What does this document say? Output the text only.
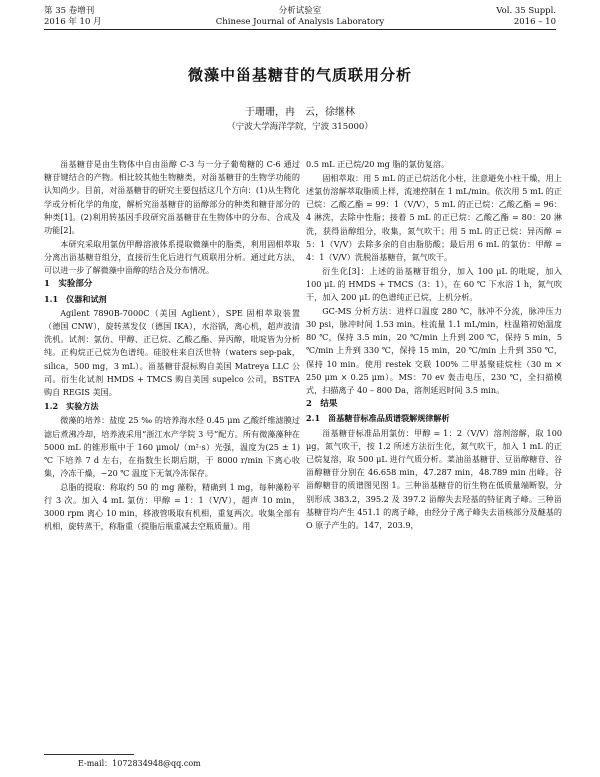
第 35 卷增刊
2016 年 10 月
分析试验室
Chinese Journal of Analysis Laboratory
Vol. 35 Suppl.
2016 – 10
微藻中甾基糖苷的气质联用分析
于珊珊，冉　云，徐继林
（宁波大学海洋学院，宁波 315000）

甾基糖苷是由生物体中自由甾醇 C-3 与一分子葡萄糖的 C-6 通过糖苷键结合的产物。相比较其他生物糖类，对甾基糖苷的生物学功能的认知尚少。目前，对甾基糖苷的研究主要包括这几个方向：(1)从生物化学或分析化学的角度，解析究甾基糖苷的甾醇部分的种类和糖苷部分的种类[1]。(2)利用转基因手段研究甾基糖苷在生物体中的分布、合成及功能[2]。

本研究采取用氯仿甲醇溶液体系提取微藻中的脂类，利用固相萃取分离出甾基糖苷组分，直接衍生化后进行气质联用分析。通过此方法，可以进一步了解微藻中甾醇的结合及分布情况。

1　实验部分
1.1　仪器和试剂

Agilent 7890B-7000C（美国 Aglient），SPE 固相萃取装置（德国 CNW），旋转蒸发仪（德国 IKA），水浴锅，离心机，超声波清洗机。试剂：氯仿、甲醇、正已烷、乙酸乙酯、异丙醇，吡啶皆为分析纯。正构烷正己烷为色谱纯。硅胶柱来自沃世特（waters sep-pak，silica，500 mg，3 mL）。甾基糖苷混标购自美国 Matreya LLC 公司。衍生化试剂 HMDS + TMCS 购自美国 supelco 公司，BSTFA 购自 REGIS 美国。

1.2　实验方法

微藻的培养：盐度 25 ‰ 的培养海水经 0.45 μm 乙酸纤维滤膜过滤后煮沸冷却，培养液采用“浙江水产学院 3 号”配方。所有微藻藻种在 5000 mL 的锥形瓶中于 160 μmol/（m²·s）光强，温度为(25 ± 1) ℃ 下培养 7 d 左右，在指数生长期后期，于 8000 r/min 下离心收集，冷冻干燥，−20 ℃ 温度下无氧冷冻保存。

总脂的提取：称取约 50 的 mg 藻粉，精确到 1 mg，每种藻粉平行 3 次。加入 4 mL 氯仿：甲醇 = 1：1（V/V），超声 10 min，3000 rpm 离心 10 min，移液管吸取有机相，重复两次。收集全部有机相，旋转蒸干，称脂重（提脂后瓶重减去空瓶质量）。用

0.5 mL 正已烷/20 mg 脂的氯仿复溶。

固相萃取：用 5 mL 的正已烷活化小柱，注意避免小柱干燥，用上述氯仿溶解萃取脂质上样，流速控制在 1 mL/min。依次用 5 mL 的正已烷：乙酸乙酯 = 99：1（V/V），5 mL 的正已烷：乙酸乙酯 = 96：4 淋洗，去除中性脂；接着 5 mL 的正已烷：乙酸乙酯 = 80：20 淋洗，获得甾醇组分，收集，氮气吹干；用 5 mL 的正已烷：异丙醇 = 5：1（V/V）去除多余的自由脂肪酸；最后用 6 mL 的氯仿：甲醇 = 4：1（V/V）洗脱甾基糖苷，氮气吹干。

衍生化[3]：上述的甾基糖苷组分，加入 100 μL 的吡啶，加入 100 μL 的 HMDS + TMCS（3：1），在 60 ℃ 下水浴 1 h，氮气吹干，加入 200 μL 的色谱纯正已烷，上机分析。

GC-MS 分析方法：进样口温度 280 ℃，脉冲不分流，脉冲压力 30 psi，脉冲时间 1.53 min。柱流量 1.1 mL/min，柱温箱初始温度 80 ℃，保持 3.5 min，20 ℃/min 上升到 200 ℃，保持 5 min，5 ℃/min 上升到 330 ℃，保持 15 min，20 ℃/min 上升到 350 ℃，保持 10 min。使用 restek 交联 100% 二甲基聚硅烷柱（30 m × 250 μm × 0.25 μm）。MS：70 ev 轰击电压，230 ℃，全扫描模式，扫描离子 40 – 800 Da，溶剂延迟时间 3.5 min。

2　结果
2.1　甾基糖苷标准品质谱裂解规律解析

甾基糖苷标准品用氯仿：甲醇 = 1：2（V/V）溶剂溶解，取 100 μg，氮气吹干，按 1.2 所述方法衍生化，氮气吹干，加入 1 mL 的正已烷复溶，取 500 μL 进行气质分析。菜油甾基糖苷、豆甾醇糖苷、谷甾醇糖苷分别在 46.658 min，47.287 min，48.789 min 出峰。谷甾醇糖苷的质谱图见图 1。三种甾基糖苷的衍生物在低质量端断裂，分别形成 383.2，395.2 及 397.2 甾醇失去羟基的特征离子峰。三种甾基糖苷均产生 451.1 的离子峰，由经分子离子峰失去甾核部分及醚基的 O 原子产生的。147，203.9，

E-mail：1072834948@qq.com
